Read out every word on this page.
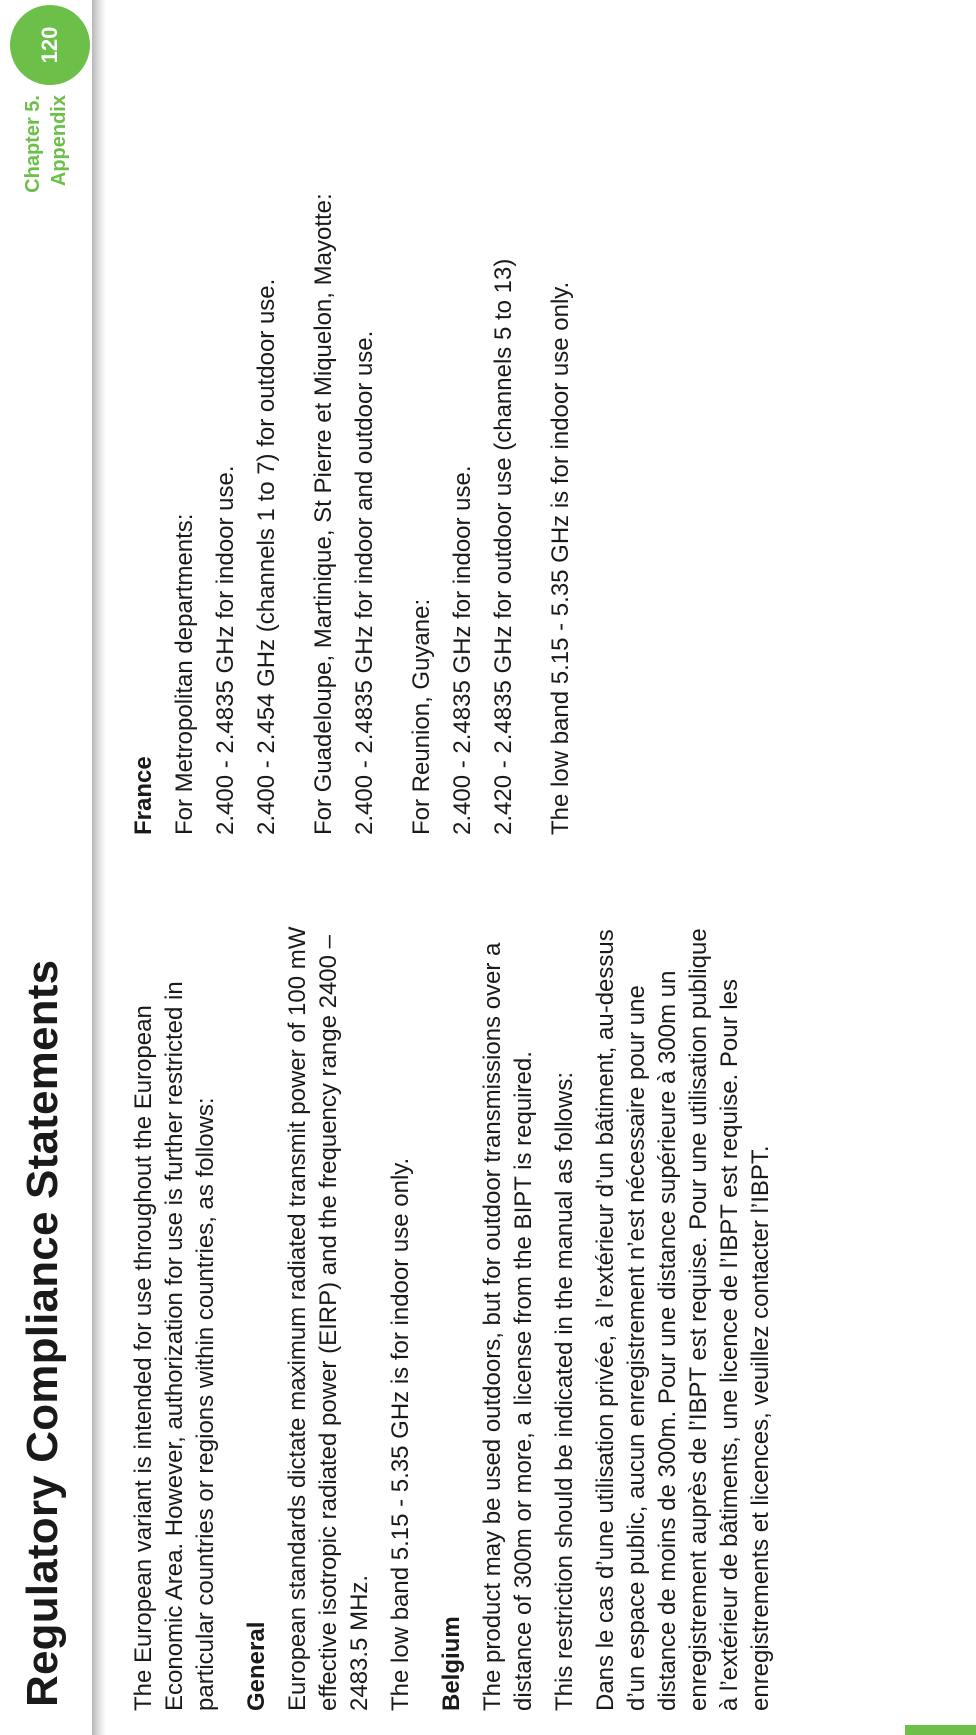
Regulatory Compliance Statements
Chapter 5. Appendix
120

The European variant is intended for use throughout the European Economic Area. However, authorization for use is further restricted in particular countries or regions within countries, as follows: General European standards dictate maximum radiated transmit power of 100 mW effective isotropic radiated power (EIRP) and the frequency range 2400 – 2483.5 MHz. The low band 5.15 - 5.35 GHz is for indoor use only. Belgium The product may be used outdoors, but for outdoor transmissions over a distance of 300m or more, a license from the BIPT is required. This restriction should be indicated in the manual as follows: Dans le cas d’une utilisation privée, à l’extérieur d’un bâtiment, au-dessus d’un espace public, aucun enregistrement n’est nécessaire pour une distance de moins de 300m. Pour une distance supérieure à 300m un enregistrement auprès de l’IBPT est requise. Pour une utilisation publique à l’extérieur de bâtiments, une licence de l’IBPT est requise. Pour les enregistrements et licences, veuillez contacter l’IBPT.

France For Metropolitan departments: 2.400 - 2.4835 GHz for indoor use. 2.400 - 2.454 GHz (channels 1 to 7) for outdoor use. For Guadeloupe, Martinique, St Pierre et Miquelon, Mayotte: 2.400 - 2.4835 GHz for indoor and outdoor use. For Reunion, Guyane: 2.400 - 2.4835 GHz for indoor use. 2.420 - 2.4835 GHz for outdoor use (channels 5 to 13) The low band 5.15 - 5.35 GHz is for indoor use only.
